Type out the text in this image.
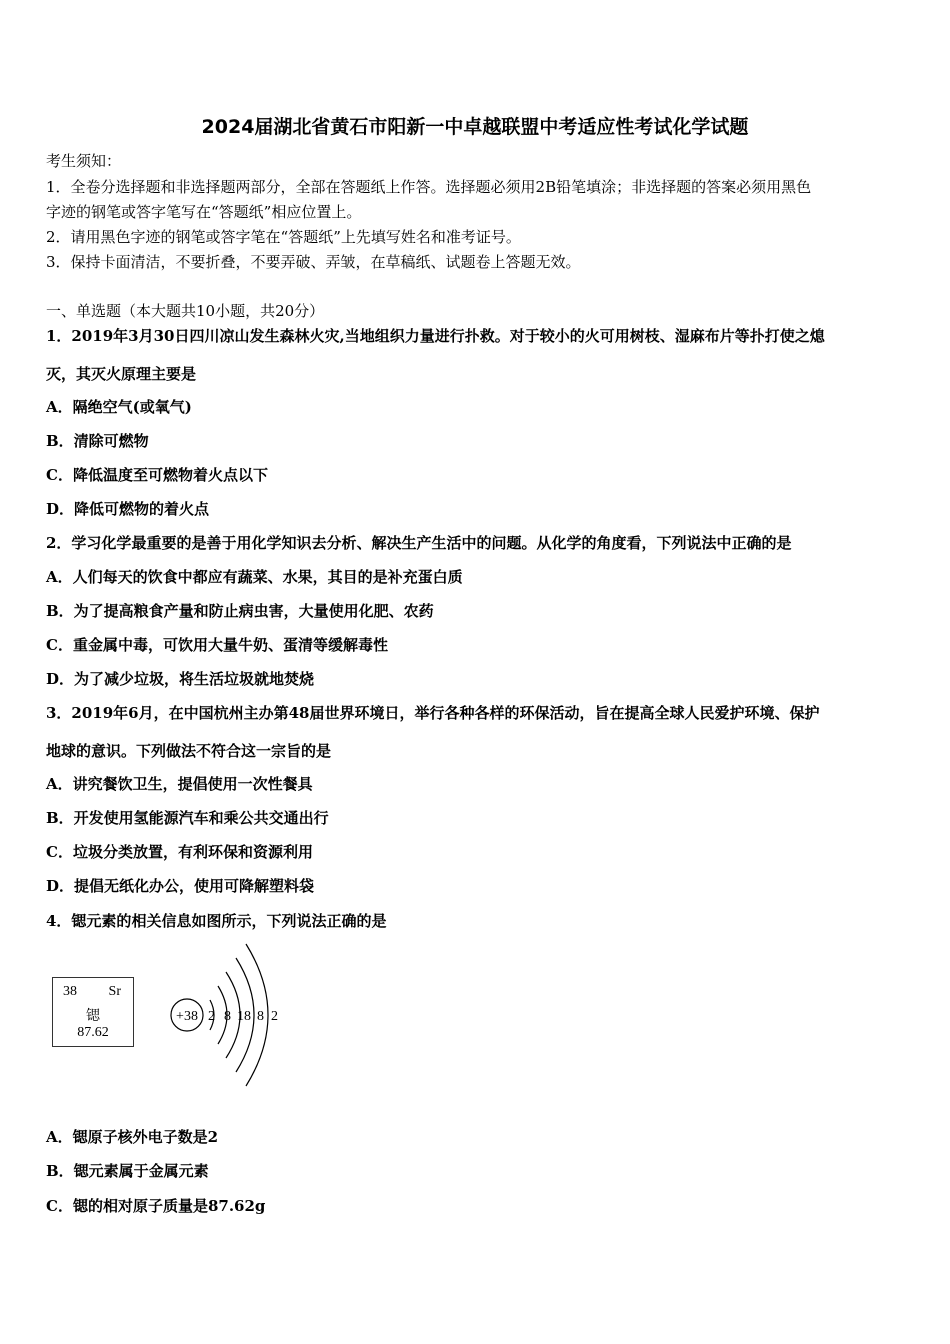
2024届湖北省黄石市阳新一中卓越联盟中考适应性考试化学试题
考生须知：
1．全卷分选择题和非选择题两部分，全部在答题纸上作答。选择题必须用2B铅笔填涂；非选择题的答案必须用黑色
字迹的钢笔或答字笔写在“答题纸”相应位置上。
2．请用黑色字迹的钢笔或答字笔在“答题纸”上先填写姓名和准考证号。
3．保持卡面清洁，不要折叠，不要弄破、弄皱，在草稿纸、试题卷上答题无效。
一、单选题（本大题共10小题，共20分）
1．2019年3月30日四川凉山发生森林火灾,当地组织力量进行扑救。对于较小的火可用树枝、湿麻布片等扑打使之熄
灭，其灭火原理主要是
A．隔绝空气(或氧气)
B．清除可燃物
C．降低温度至可燃物着火点以下
D．降低可燃物的着火点
2．学习化学最重要的是善于用化学知识去分析、解决生产生活中的问题。从化学的角度看，下列说法中正确的是
A．人们每天的饮食中都应有蔬菜、水果，其目的是补充蛋白质
B．为了提高粮食产量和防止病虫害，大量使用化肥、农药
C．重金属中毒，可饮用大量牛奶、蛋清等缓解毒性
D．为了减少垃圾，将生活垃圾就地焚烧
3．2019年6月，在中国杭州主办第48届世界环境日，举行各种各样的环保活动，旨在提高全球人民爱护环境、保护
地球的意识。下列做法不符合这一宗旨的是
A．讲究餐饮卫生，提倡使用一次性餐具
B．开发使用氢能源汽车和乘公共交通出行
C．垃圾分类放置，有利环保和资源利用
D．提倡无纸化办公，使用可降解塑料袋
4．锶元素的相关信息如图所示，下列说法正确的是
38 Sr
锶
87.62
+38 2 8 18 8 2
A．锶原子核外电子数是2
B．锶元素属于金属元素
C．锶的相对原子质量是87.62g
